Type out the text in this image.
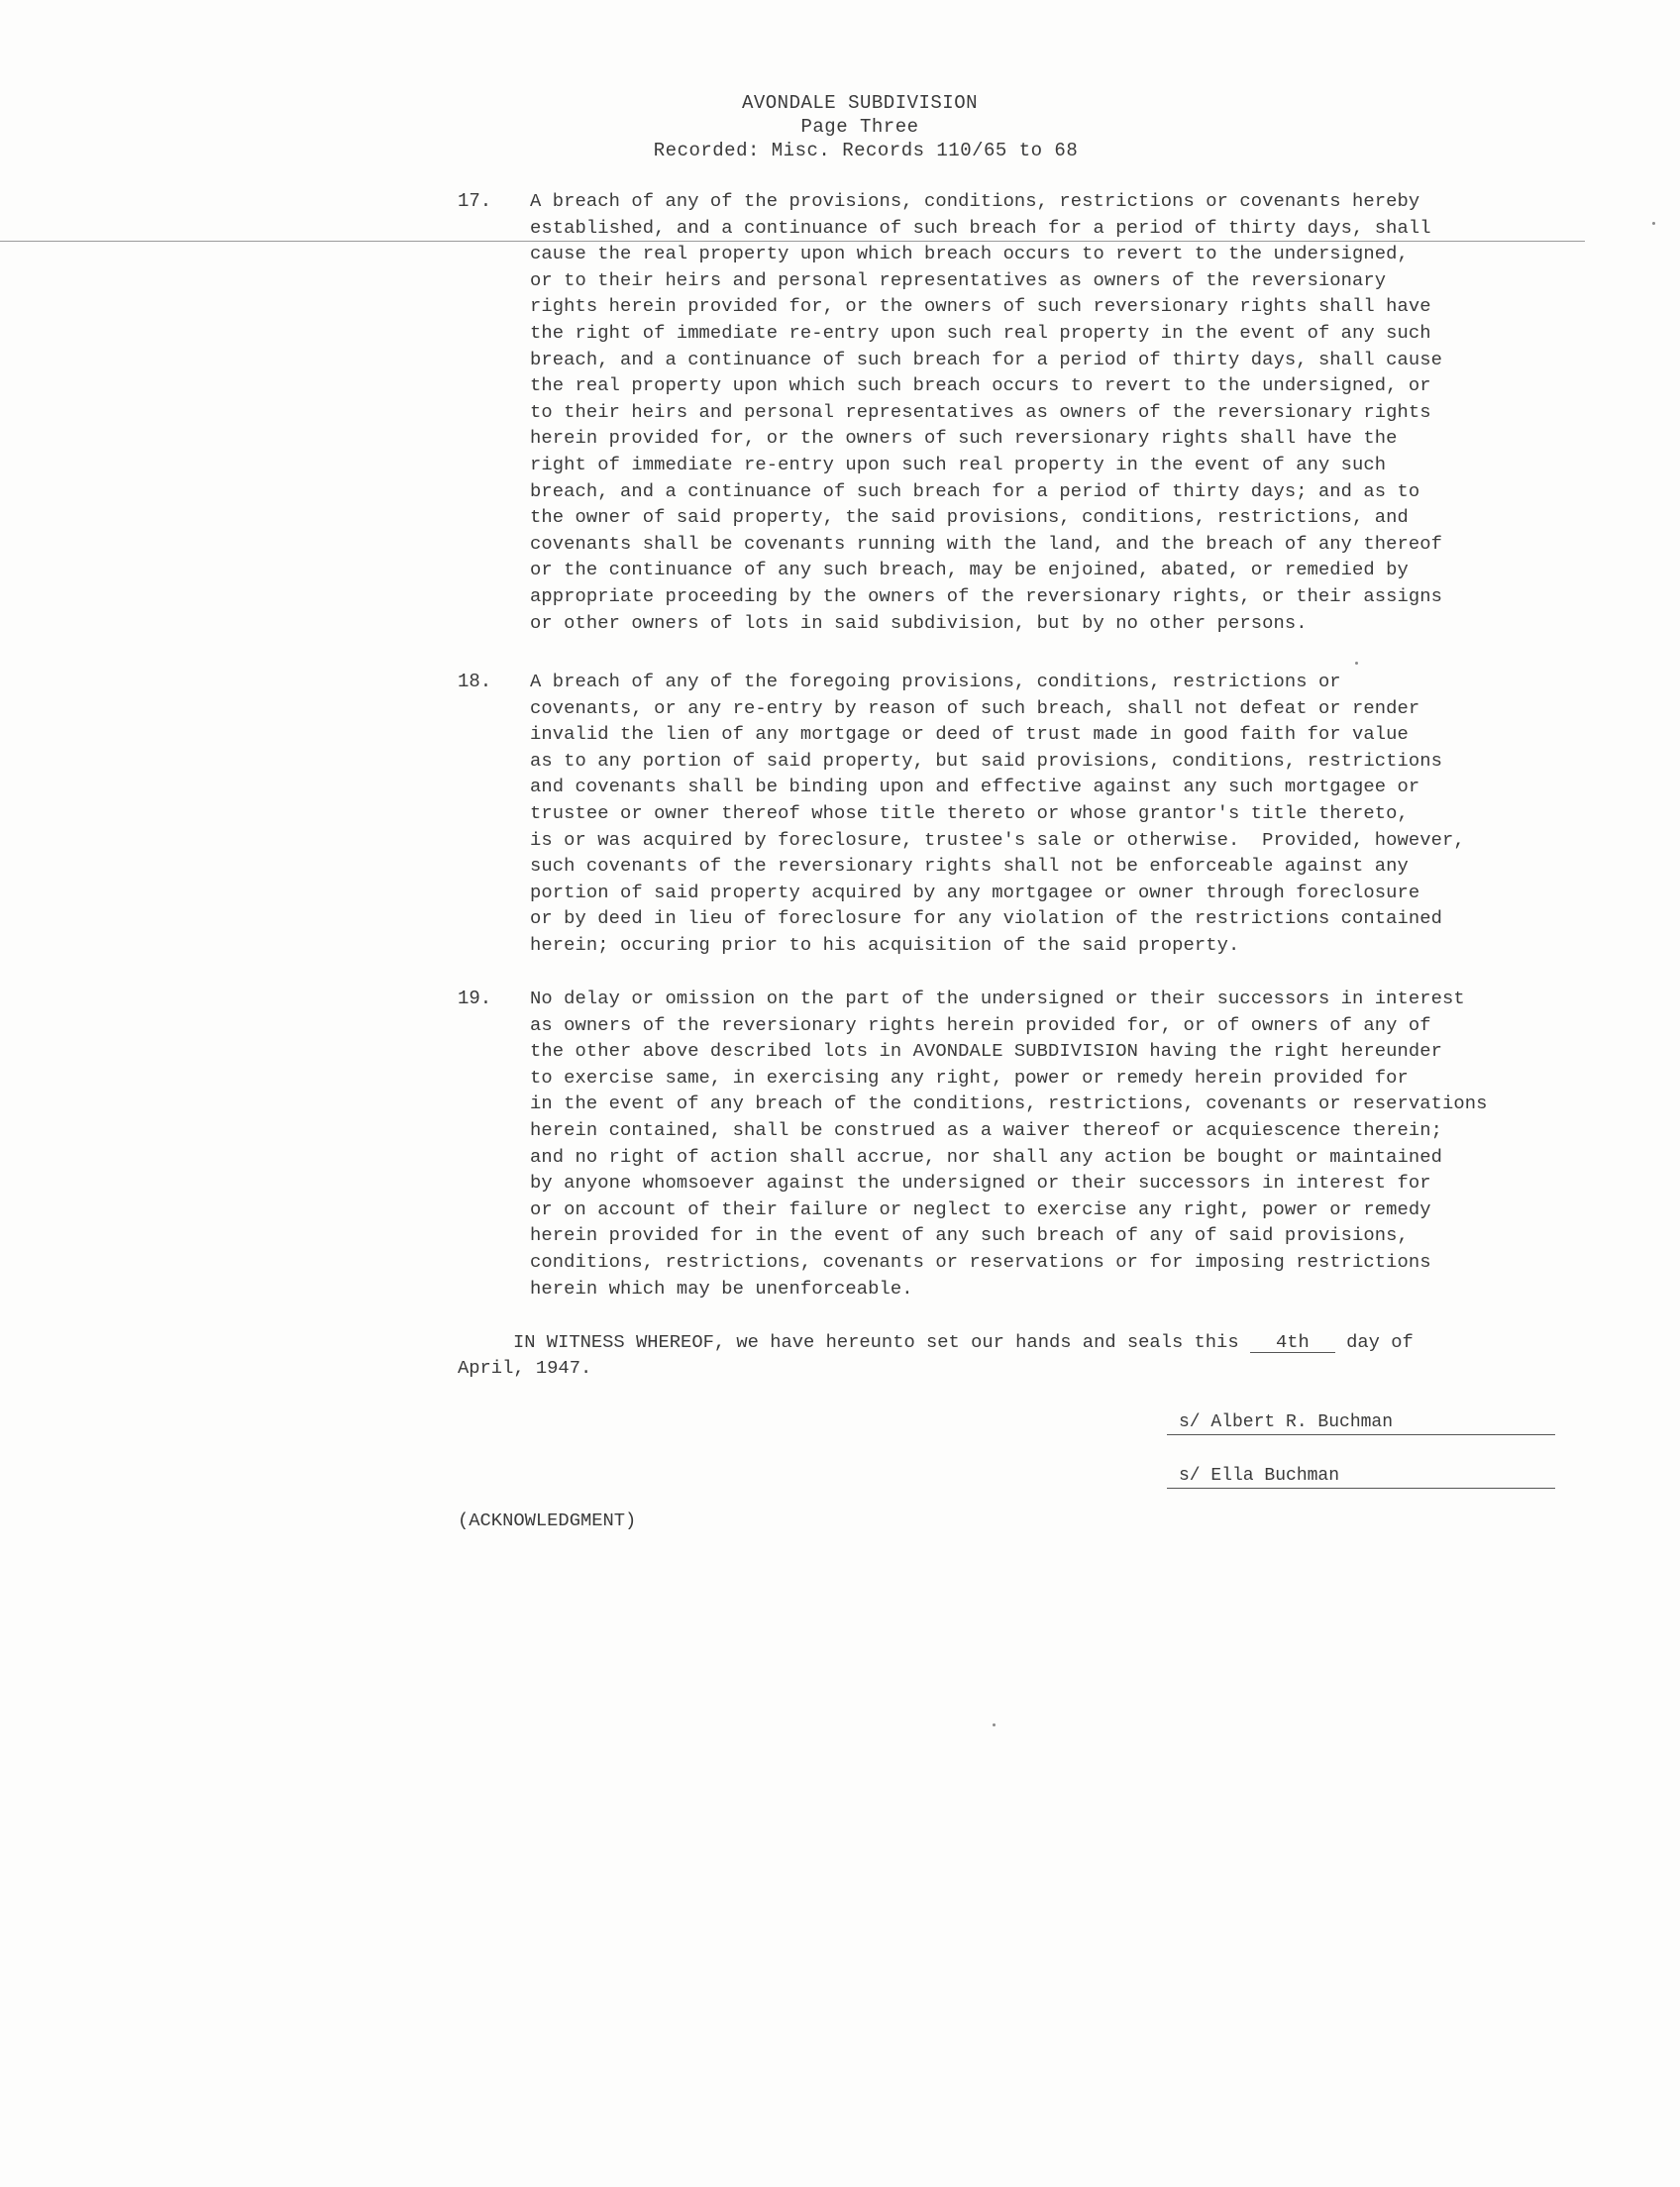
AVONDALE SUBDIVISION
Page Three
Recorded: Misc. Records 110/65 to 68
17. A breach of any of the provisions, conditions, restrictions or covenants hereby
established, and a continuance of such breach for a period of thirty days, shall
cause the real property upon which breach occurs to revert to the undersigned,
or to their heirs and personal representatives as owners of the reversionary
rights herein provided for, or the owners of such reversionary rights shall have
the right of immediate re-entry upon such real property in the event of any such
breach, and a continuance of such breach for a period of thirty days, shall cause
the real property upon which such breach occurs to revert to the undersigned, or
to their heirs and personal representatives as owners of the reversionary rights
herein provided for, or the owners of such reversionary rights shall have the
right of immediate re-entry upon such real property in the event of any such
breach, and a continuance of such breach for a period of thirty days; and as to
the owner of said property, the said provisions, conditions, restrictions, and
covenants shall be covenants running with the land, and the breach of any thereof
or the continuance of any such breach, may be enjoined, abated, or remedied by
appropriate proceeding by the owners of the reversionary rights, or their assigns
or other owners of lots in said subdivision, but by no other persons.
18. A breach of any of the foregoing provisions, conditions, restrictions or
covenants, or any re-entry by reason of such breach, shall not defeat or render
invalid the lien of any mortgage or deed of trust made in good faith for value
as to any portion of said property, but said provisions, conditions, restrictions
and covenants shall be binding upon and effective against any such mortgagee or
trustee or owner thereof whose title thereto or whose grantor's title thereto,
is or was acquired by foreclosure, trustee's sale or otherwise.  Provided, however,
such covenants of the reversionary rights shall not be enforceable against any
portion of said property acquired by any mortgagee or owner through foreclosure
or by deed in lieu of foreclosure for any violation of the restrictions contained
herein; occuring prior to his acquisition of the said property.
19. No delay or omission on the part of the undersigned or their successors in interest
as owners of the reversionary rights herein provided for, or of owners of any of
the other above described lots in AVONDALE SUBDIVISION having the right hereunder
to exercise same, in exercising any right, power or remedy herein provided for
in the event of any breach of the conditions, restrictions, covenants or reservations
herein contained, shall be construed as a waiver thereof or acquiescence therein;
and no right of action shall accrue, nor shall any action be bought or maintained
by anyone whomsoever against the undersigned or their successors in interest for
or on account of their failure or neglect to exercise any right, power or remedy
herein provided for in the event of any such breach of any of said provisions,
conditions, restrictions, covenants or reservations or for imposing restrictions
herein which may be unenforceable.
IN WITNESS WHEREOF, we have hereunto set our hands and seals this 4th day of
April, 1947.
s/ Albert R. Buchman
s/ Ella Buchman
(ACKNOWLEDGMENT)
